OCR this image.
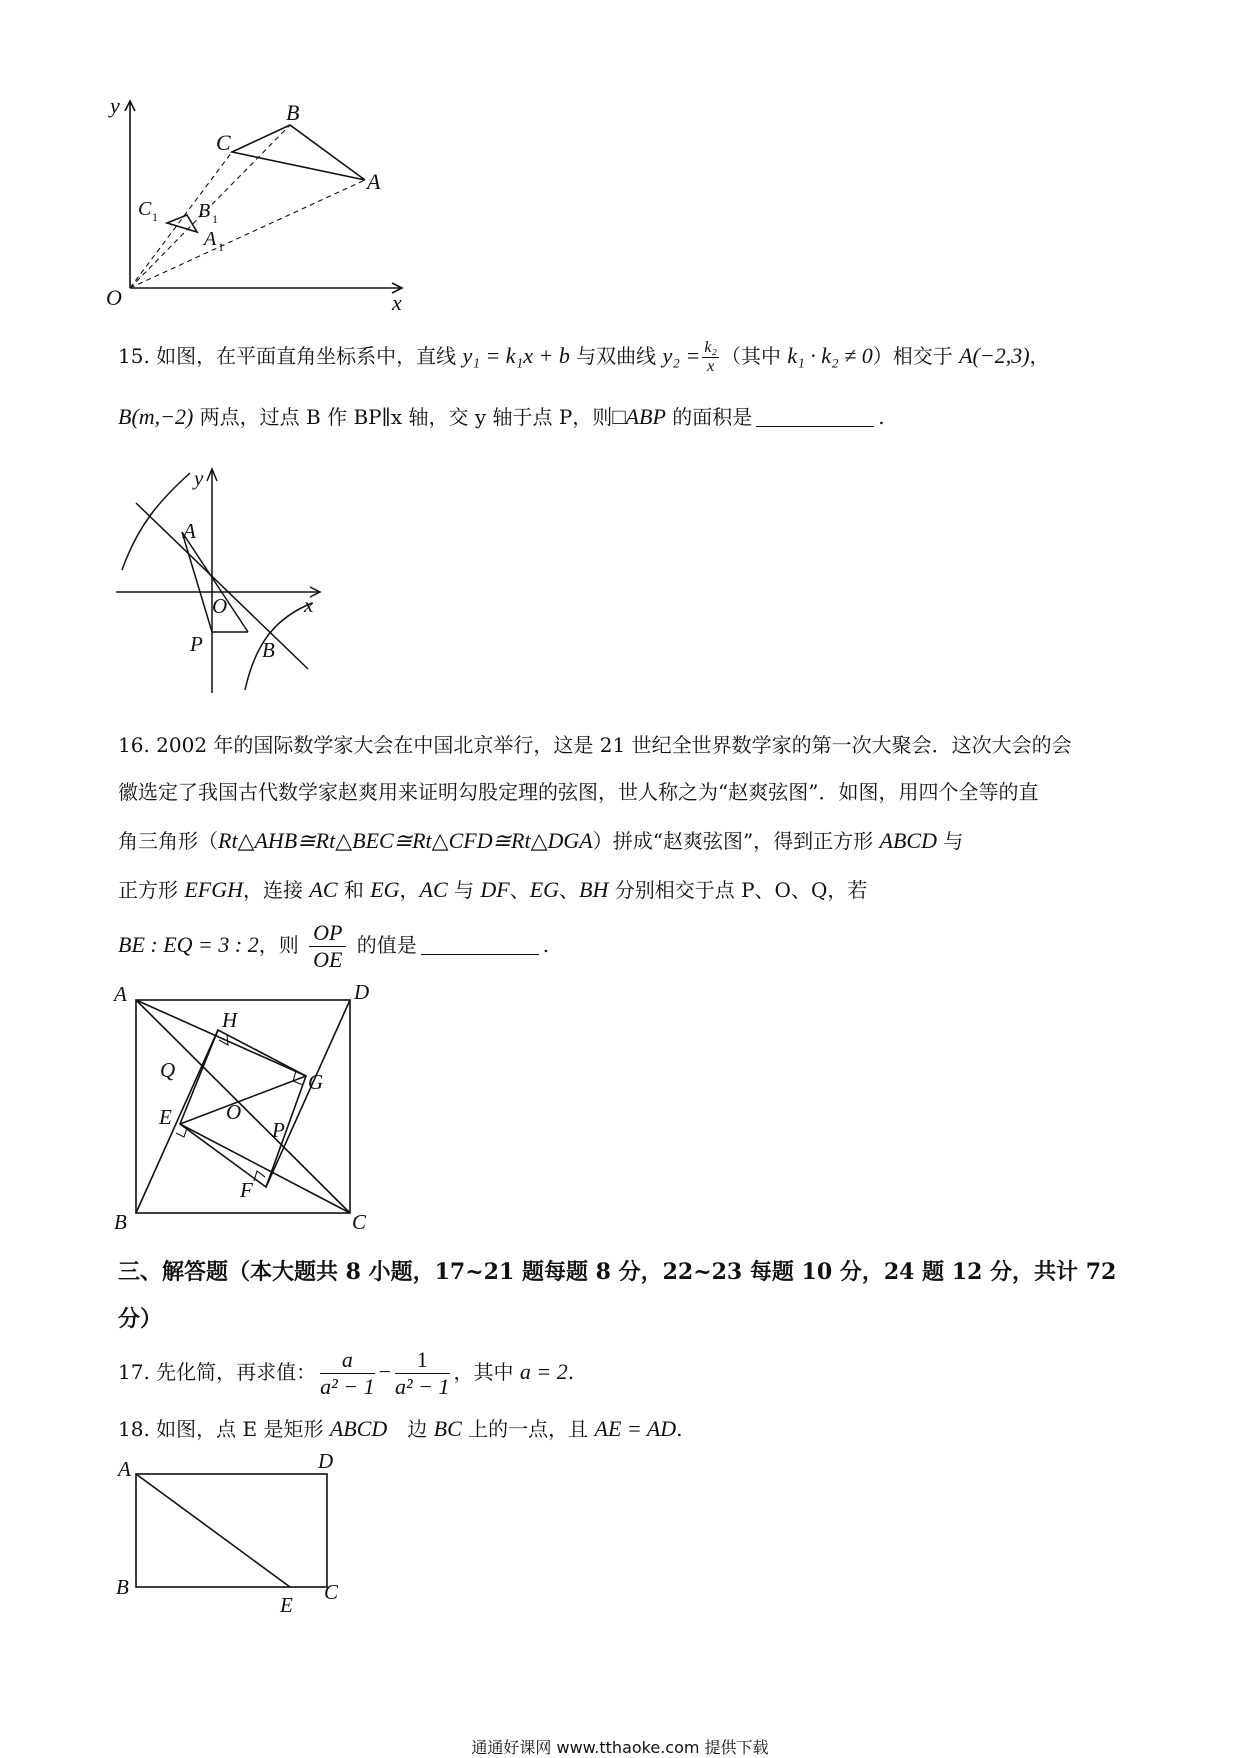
y
x
O
B
C
A
C 1 B 1
A 1
15. 如图，在平面直角坐标系中，直线 y₁ = k₁x + b 与双曲线 $y_2 = \frac{\text{k₂}}{x}$ （其中 k₁ · k₂ ≠ 0）相交于 A(−2,3)，
B(m,−2) 两点，过点 B 作 BP∥x 轴，交 y 轴于点 P，则□ABP 的面积是	.
y
x
A
O
P	B
16. 2002 年的国际数学家大会在中国北京举行，这是 21 世纪全世界数学家的第一次大聚会．这次大会的会
徽选定了我国古代数学家赵爽用来证明勾股定理的弦图，世人称之为“赵爽弦图”．如图，用四个全等的直
角三角形（Rt△AHB≅Rt△BEC≅Rt△CFD≅Rt△DGA）拼成“赵爽弦图”，得到正方形 ABCD 与
正方形 EFGH，连接 AC 和 EG，AC 与 DF、EG、BH 分别相交于点 P、O、Q，若
BE : EQ = 3 : 2，则 $\frac{OP}{OE}$ 的值是	.
A	D
B	C
H
Q	G
E	O
P
F
三、解答题（本大题共 8 小题，17~21 题每题 8 分，22~23 每题 10 分，24 题 12 分，共计 72
分）
17. 先化简，再求值： $\frac{a}{\text{a² − 1}} - \frac{1}{\text{a² − 1}}$ ，其中 a = 2.
18. 如图，点 E 是矩形 ABCD　边 BC 上的一点，且 AE = AD.
A	D
B
E
C
通通好课网 www.tthaoke.com 提供下载
